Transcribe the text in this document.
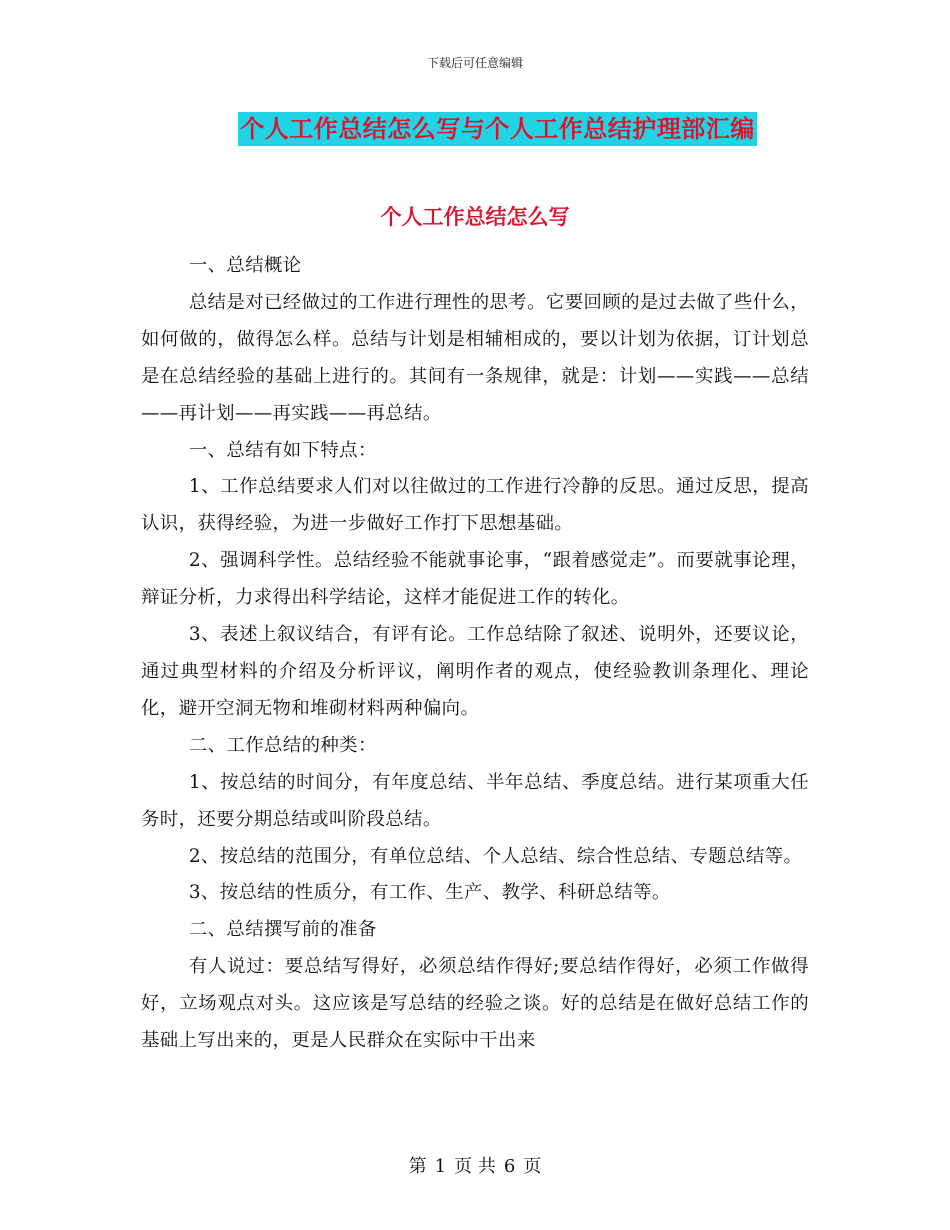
下载后可任意编辑
个人工作总结怎么写与个人工作总结护理部汇编
个人工作总结怎么写

一、总结概论

总结是对已经做过的工作进行理性的思考。它要回顾的是过去做了些什么，如何做的，做得怎么样。总结与计划是相辅相成的，要以计划为依据，订计划总是在总结经验的基础上进行的。其间有一条规律，就是：计划——实践——总结——再计划——再实践——再总结。

一、总结有如下特点：

1、工作总结要求人们对以往做过的工作进行冷静的反思。通过反思，提高认识，获得经验，为进一步做好工作打下思想基础。

2、强调科学性。总结经验不能就事论事，“跟着感觉走”。而要就事论理，辩证分析，力求得出科学结论，这样才能促进工作的转化。

3、表述上叙议结合，有评有论。工作总结除了叙述、说明外，还要议论，通过典型材料的介绍及分析评议，阐明作者的观点，使经验教训条理化、理论化，避开空洞无物和堆砌材料两种偏向。

二、工作总结的种类：

1、按总结的时间分，有年度总结、半年总结、季度总结。进行某项重大任务时，还要分期总结或叫阶段总结。

2、按总结的范围分，有单位总结、个人总结、综合性总结、专题总结等。

3、按总结的性质分，有工作、生产、教学、科研总结等。

二、总结撰写前的准备

有人说过：要总结写得好，必须总结作得好;要总结作得好，必须工作做得好，立场观点对头。这应该是写总结的经验之谈。好的总结是在做好总结工作的基础上写出来的，更是人民群众在实际中干出来

第 1 页 共 6 页
